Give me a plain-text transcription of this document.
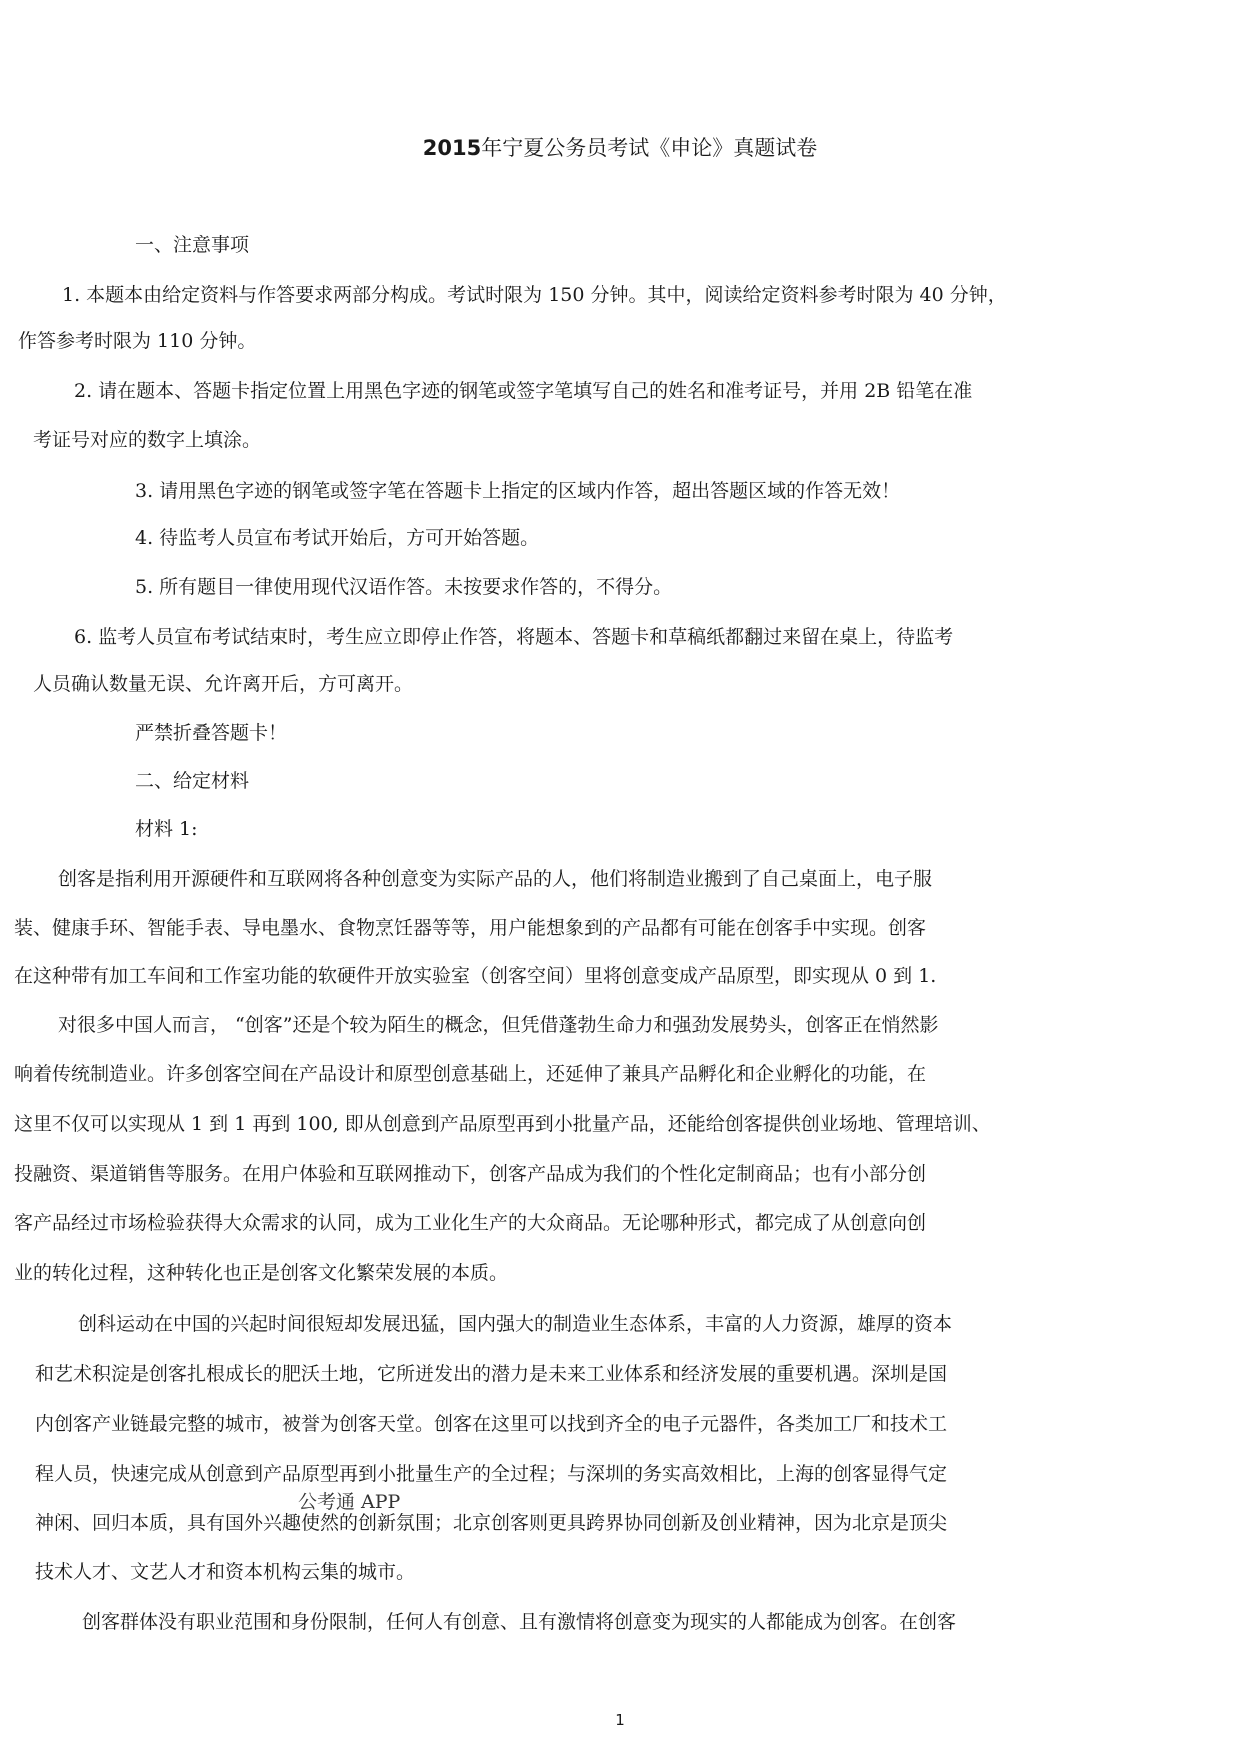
2015年宁夏公务员考试《申论》真题试卷
一、注意事项
1. 本题本由给定资料与作答要求两部分构成。考试时限为 150 分钟。其中，阅读给定资料参考时限为 40 分钟，
作答参考时限为 110 分钟。
2. 请在题本、答题卡指定位置上用黑色字迹的钢笔或签字笔填写自己的姓名和准考证号，并用 2B 铅笔在准
考证号对应的数字上填涂。
3. 请用黑色字迹的钢笔或签字笔在答题卡上指定的区域内作答，超出答题区域的作答无效！
4. 待监考人员宣布考试开始后，方可开始答题。
5. 所有题目一律使用现代汉语作答。未按要求作答的，不得分。
6. 监考人员宣布考试结束时，考生应立即停止作答，将题本、答题卡和草稿纸都翻过来留在桌上，待监考
人员确认数量无误、允许离开后，方可离开。
严禁折叠答题卡！
二、给定材料
材料 1:
创客是指利用开源硬件和互联网将各种创意变为实际产品的人，他们将制造业搬到了自己桌面上，电子服
装、健康手环、智能手表、导电墨水、食物烹饪器等等，用户能想象到的产品都有可能在创客手中实现。创客
在这种带有加工车间和工作室功能的软硬件开放实验室（创客空间）里将创意变成产品原型，即实现从 0 到 1.
对很多中国人而言， “创客”还是个较为陌生的概念，但凭借蓬勃生命力和强劲发展势头，创客正在悄然影
响着传统制造业。许多创客空间在产品设计和原型创意基础上，还延伸了兼具产品孵化和企业孵化的功能，在
这里不仅可以实现从 1 到 1 再到 100, 即从创意到产品原型再到小批量产品，还能给创客提供创业场地、管理培训、
投融资、渠道销售等服务。在用户体验和互联网推动下，创客产品成为我们的个性化定制商品；也有小部分创
客产品经过市场检验获得大众需求的认同，成为工业化生产的大众商品。无论哪种形式，都完成了从创意向创
业的转化过程，这种转化也正是创客文化繁荣发展的本质。
创科运动在中国的兴起时间很短却发展迅猛，国内强大的制造业生态体系，丰富的人力资源，雄厚的资本
和艺术积淀是创客扎根成长的肥沃土地，它所迸发出的潜力是未来工业体系和经济发展的重要机遇。深圳是国
内创客产业链最完整的城市，被誉为创客天堂。创客在这里可以找到齐全的电子元器件，各类加工厂和技术工
程人员，快速完成从创意到产品原型再到小批量生产的全过程；与深圳的务实高效相比，上海的创客显得气定
神闲、回归本质，具有国外兴趣使然的创新氛围；北京创客则更具跨界协同创新及创业精神，因为北京是顶尖
技术人才、文艺人才和资本机构云集的城市。
创客群体没有职业范围和身份限制，任何人有创意、且有激情将创意变为现实的人都能成为创客。在创客
公考通 APP
1
